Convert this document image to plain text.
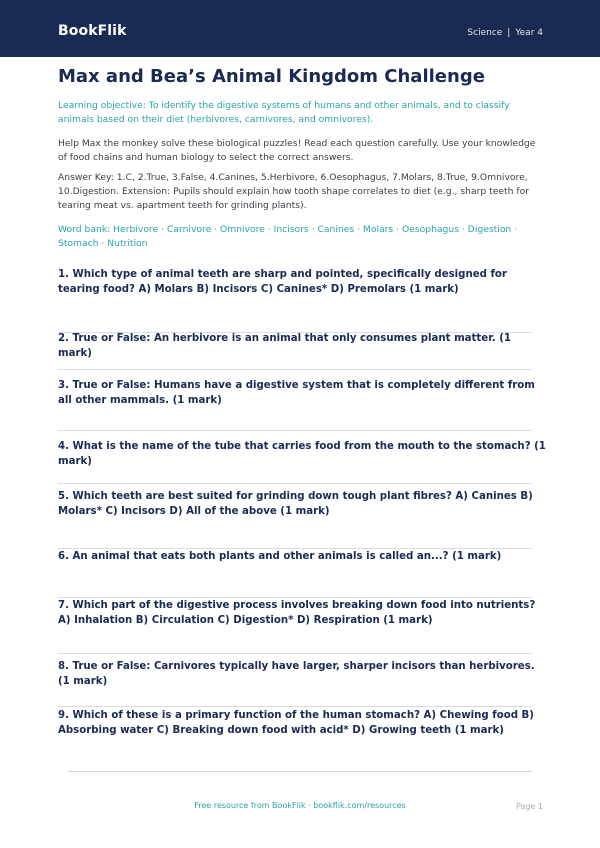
BookFlik	Science | Year 4
Max and Bea’s Animal Kingdom Challenge

Learning objective: To identify the digestive systems of humans and other animals, and to classify animals based on their diet (herbivores, carnivores, and omnivores).

Help Max the monkey solve these biological puzzles! Read each question carefully. Use your knowledge of food chains and human biology to select the correct answers.

Answer Key: 1.C, 2.True, 3.False, 4.Canines, 5.Herbivore, 6.Oesophagus, 7.Molars, 8.True, 9.Omnivore, 10.Digestion. Extension: Pupils should explain how tooth shape correlates to diet (e.g., sharp teeth for tearing meat vs. apartment teeth for grinding plants).

Word bank: Herbivore · Carnivore · Omnivore · Incisors · Canines · Molars · Oesophagus · Digestion · Stomach · Nutrition

1. Which type of animal teeth are sharp and pointed, specifically designed for tearing food? A) Molars B) Incisors C) Canines* D) Premolars (1 mark)
2. True or False: An herbivore is an animal that only consumes plant matter. (1 mark)
3. True or False: Humans have a digestive system that is completely different from all other mammals. (1 mark)
4. What is the name of the tube that carries food from the mouth to the stomach? (1 mark)
5. Which teeth are best suited for grinding down tough plant fibres? A) Canines B) Molars* C) Incisors D) All of the above (1 mark)
6. An animal that eats both plants and other animals is called an...? (1 mark)
7. Which part of the digestive process involves breaking down food into nutrients? A) Inhalation B) Circulation C) Digestion* D) Respiration (1 mark)
8. True or False: Carnivores typically have larger, sharper incisors than herbivores. (1 mark)
9. Which of these is a primary function of the human stomach? A) Chewing food B) Absorbing water C) Breaking down food with acid* D) Growing teeth (1 mark)
Free resource from BookFlik · bookflik.com/resources	Page 1
